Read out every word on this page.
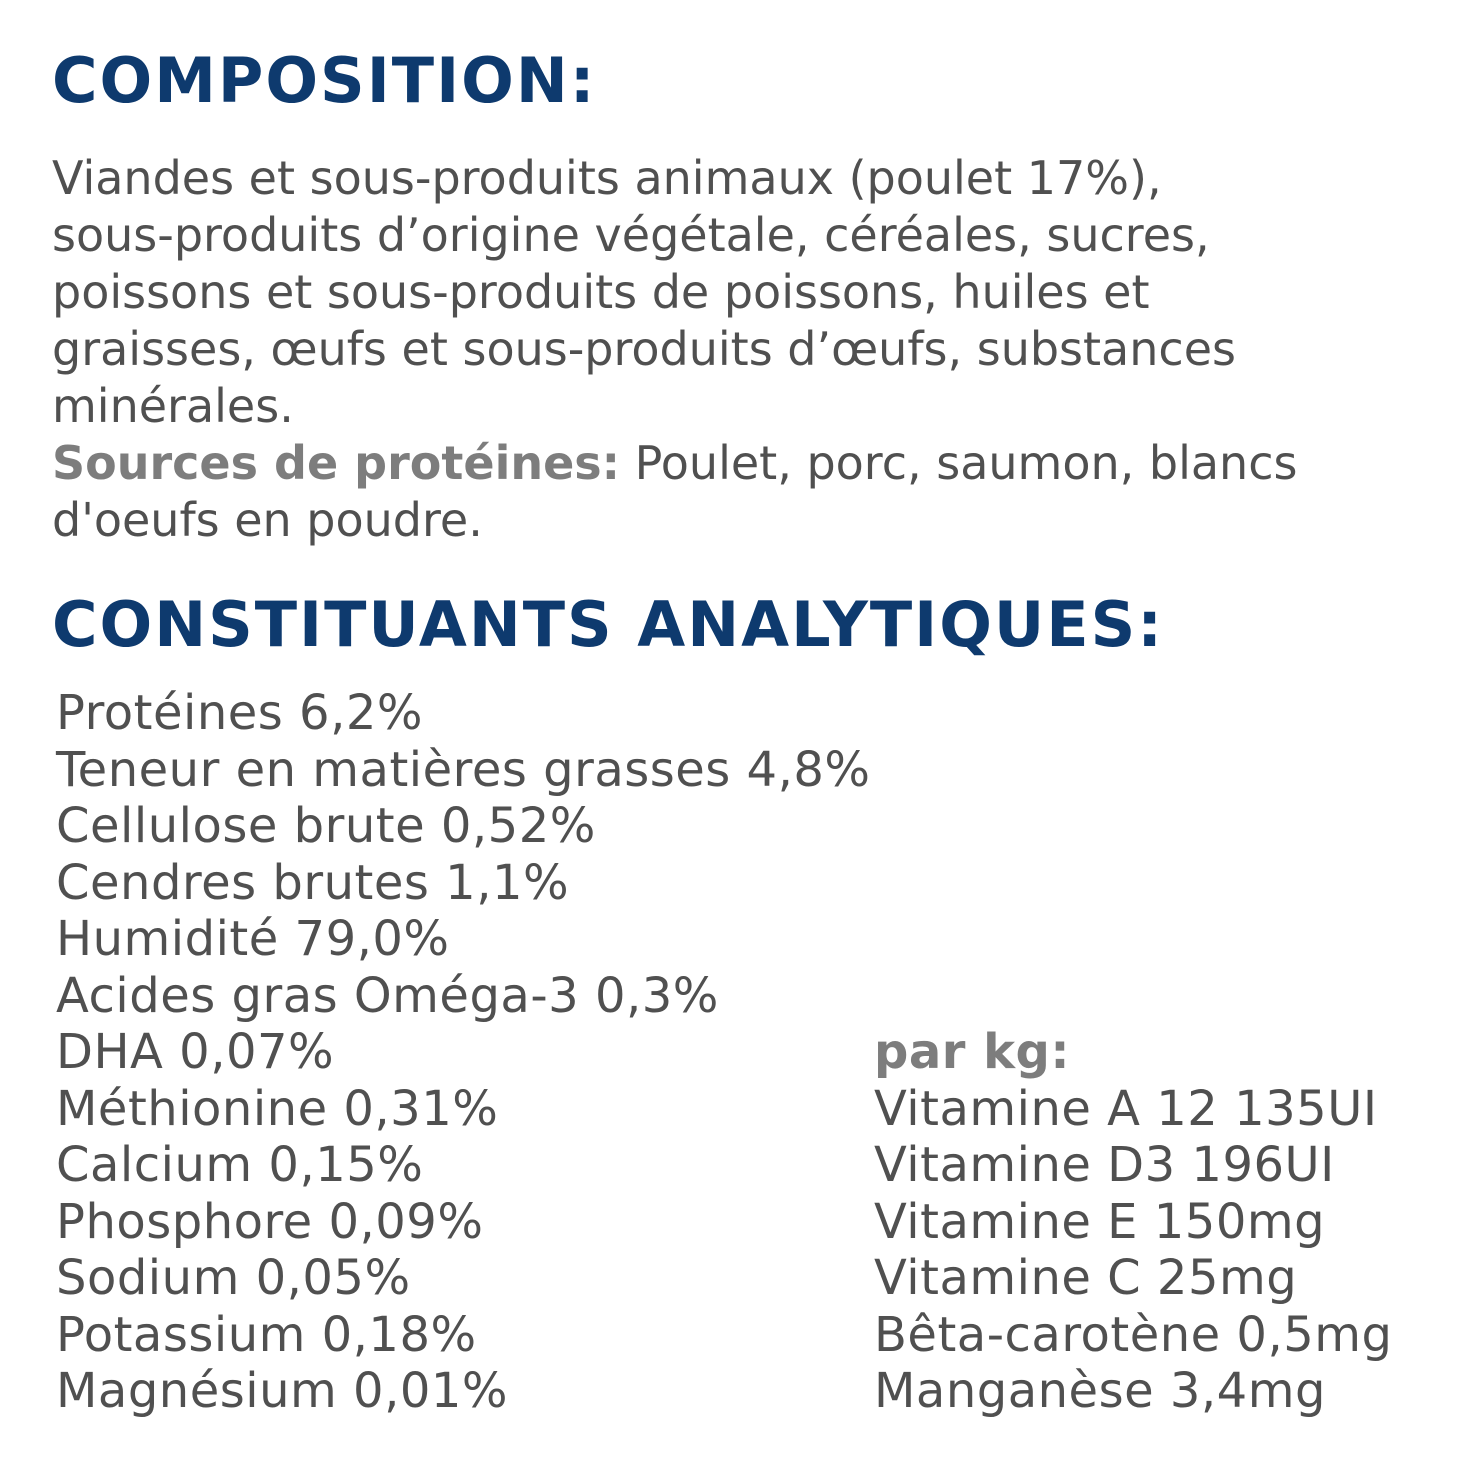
COMPOSITION:
Viandes et sous-produits animaux (poulet 17%),
sous-produits d’origine végétale, céréales, sucres,
poissons et sous-produits de poissons, huiles et
graisses, œufs et sous-produits d’œufs, substances
minérales.
Sources de protéines: Poulet, porc, saumon, blancs
d'oeufs en poudre.
CONSTITUANTS ANALYTIQUES:
Protéines 6,2%
Teneur en matières grasses 4,8%
Cellulose brute 0,52%
Cendres brutes 1,1%
Humidité 79,0%
Acides gras Oméga-3 0,3%
DHA 0,07%
Méthionine 0,31%
Calcium 0,15%
Phosphore 0,09%
Sodium 0,05%
Potassium 0,18%
Magnésium 0,01%
par kg:
Vitamine A 12 135UI
Vitamine D3 196UI
Vitamine E 150mg
Vitamine C 25mg
Bêta-carotène 0,5mg
Manganèse 3,4mg
